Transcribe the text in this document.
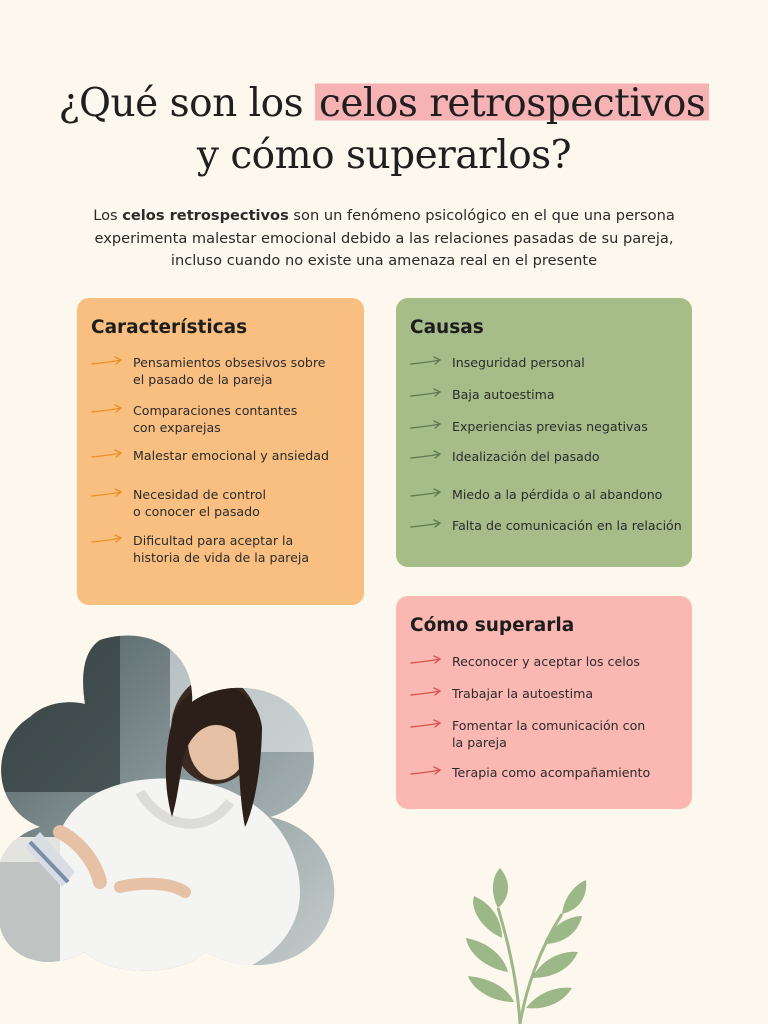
¿Qué son los celos retrospectivos
y cómo superarlos?

Los celos retrospectivos son un fenómeno psicológico en el que una persona experimenta malestar emocional debido a las relaciones pasadas de su pareja, incluso cuando no existe una amenaza real en el presente

Características
Pensamientos obsesivos sobre
el pasado de la pareja
Comparaciones contantes
con exparejas
Malestar emocional y ansiedad
Necesidad de control
o conocer el pasado
Dificultad para aceptar la
historia de vida de la pareja
Causas
Inseguridad personal
Baja autoestima
Experiencias previas negativas
Idealización del pasado
Miedo a la pérdida o al abandono
Falta de comunicación en la relación
Cómo superarla
Reconocer y aceptar los celos
Trabajar la autoestima
Fomentar la comunicación con
la pareja
Terapia como acompañamiento
